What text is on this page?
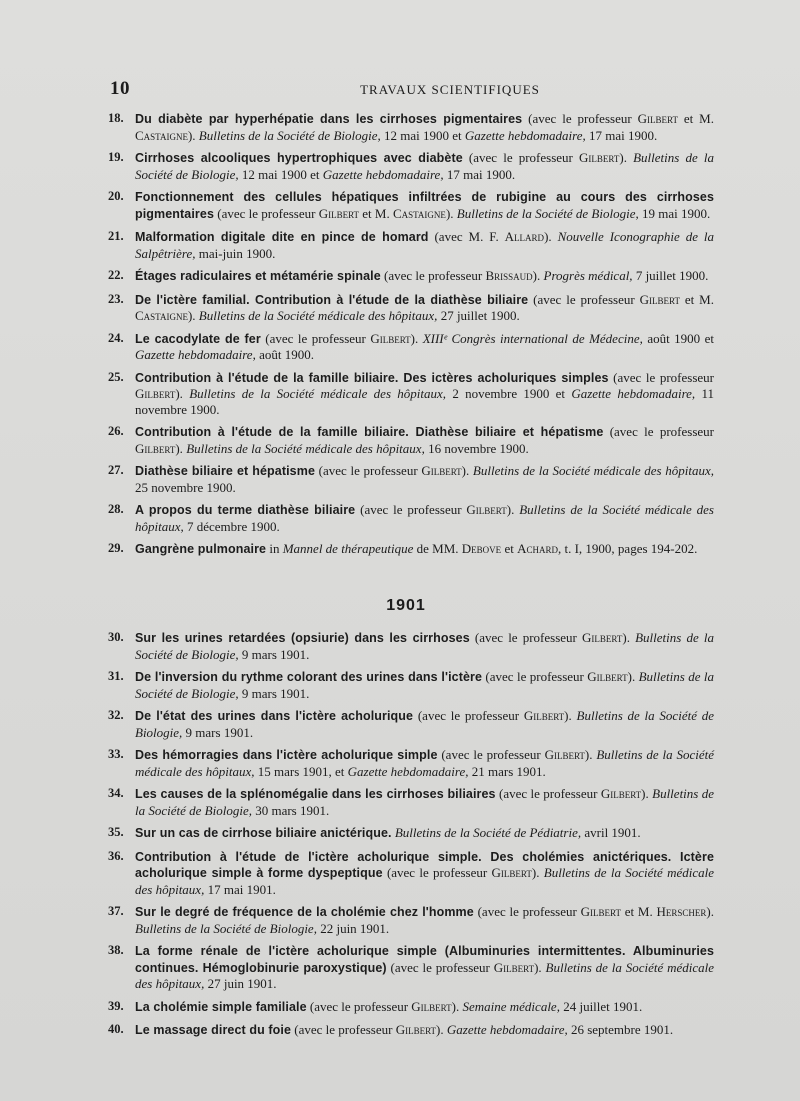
10	TRAVAUX SCIENTIFIQUES
18. Du diabète par hyperhépatie dans les cirrhoses pigmentaires (avec le professeur Gilbert et M. Castaigne). Bulletins de la Société de Biologie, 12 mai 1900 et Gazette hebdomadaire, 17 mai 1900.
19. Cirrhoses alcooliques hypertrophiques avec diabète (avec le professeur Gilbert). Bulletins de la Société de Biologie, 12 mai 1900 et Gazette hebdomadaire, 17 mai 1900.
20. Fonctionnement des cellules hépatiques infiltrées de rubigine au cours des cirrhoses pigmentaires (avec le professeur Gilbert et M. Castaigne). Bulletins de la Société de Biologie, 19 mai 1900.
21. Malformation digitale dite en pince de homard (avec M. F. Allard). Nouvelle Iconographie de la Salpêtrière, mai-juin 1900.
22. Étages radiculaires et métamérie spinale (avec le professeur Brissaud). Progrès médical, 7 juillet 1900.
23. De l'ictère familial. Contribution à l'étude de la diathèse biliaire (avec le professeur Gilbert et M. Castaigne). Bulletins de la Société médicale des hôpitaux, 27 juillet 1900.
24. Le cacodylate de fer (avec le professeur Gilbert). XIIIᵉ Congrès international de Médecine, août 1900 et Gazette hebdomadaire, août 1900.
25. Contribution à l'étude de la famille biliaire. Des ictères acholuriques simples (avec le professeur Gilbert). Bulletins de la Société médicale des hôpitaux, 2 novembre 1900 et Gazette hebdomadaire, 11 novembre 1900.
26. Contribution à l'étude de la famille biliaire. Diathèse biliaire et hépatisme (avec le professeur Gilbert). Bulletins de la Société médicale des hôpitaux, 16 novembre 1900.
27. Diathèse biliaire et hépatisme (avec le professeur Gilbert). Bulletins de la Société médicale des hôpitaux, 25 novembre 1900.
28. A propos du terme diathèse biliaire (avec le professeur Gilbert). Bulletins de la Société médicale des hôpitaux, 7 décembre 1900.
29. Gangrène pulmonaire in Mannel de thérapeutique de MM. Debove et Achard, t. I, 1900, pages 194-202.
1901
30. Sur les urines retardées (opsiurie) dans les cirrhoses (avec le professeur Gilbert). Bulletins de la Société de Biologie, 9 mars 1901.
31. De l'inversion du rythme colorant des urines dans l'ictère (avec le professeur Gilbert). Bulletins de la Société de Biologie, 9 mars 1901.
32. De l'état des urines dans l'ictère acholurique (avec le professeur Gilbert). Bulletins de la Société de Biologie, 9 mars 1901.
33. Des hémorragies dans l'ictère acholurique simple (avec le professeur Gilbert). Bulletins de la Société médicale des hôpitaux, 15 mars 1901, et Gazette hebdomadaire, 21 mars 1901.
34. Les causes de la splénomégalie dans les cirrhoses biliaires (avec le professeur Gilbert). Bulletins de la Société de Biologie, 30 mars 1901.
35. Sur un cas de cirrhose biliaire anictérique. Bulletins de la Société de Pédiatrie, avril 1901.
36. Contribution à l'étude de l'ictère acholurique simple. Des cholémies anictériques. Ictère acholurique simple à forme dyspeptique (avec le professeur Gilbert). Bulletins de la Société médicale des hôpitaux, 17 mai 1901.
37. Sur le degré de fréquence de la cholémie chez l'homme (avec le professeur Gilbert et M. Herscher). Bulletins de la Société de Biologie, 22 juin 1901.
38. La forme rénale de l'ictère acholurique simple (Albuminuries intermittentes. Albuminuries continues. Hémoglobinurie paroxystique) (avec le professeur Gilbert). Bulletins de la Société médicale des hôpitaux, 27 juin 1901.
39. La cholémie simple familiale (avec le professeur Gilbert). Semaine médicale, 24 juillet 1901.
40. Le massage direct du foie (avec le professeur Gilbert). Gazette hebdomadaire, 26 septembre 1901.
